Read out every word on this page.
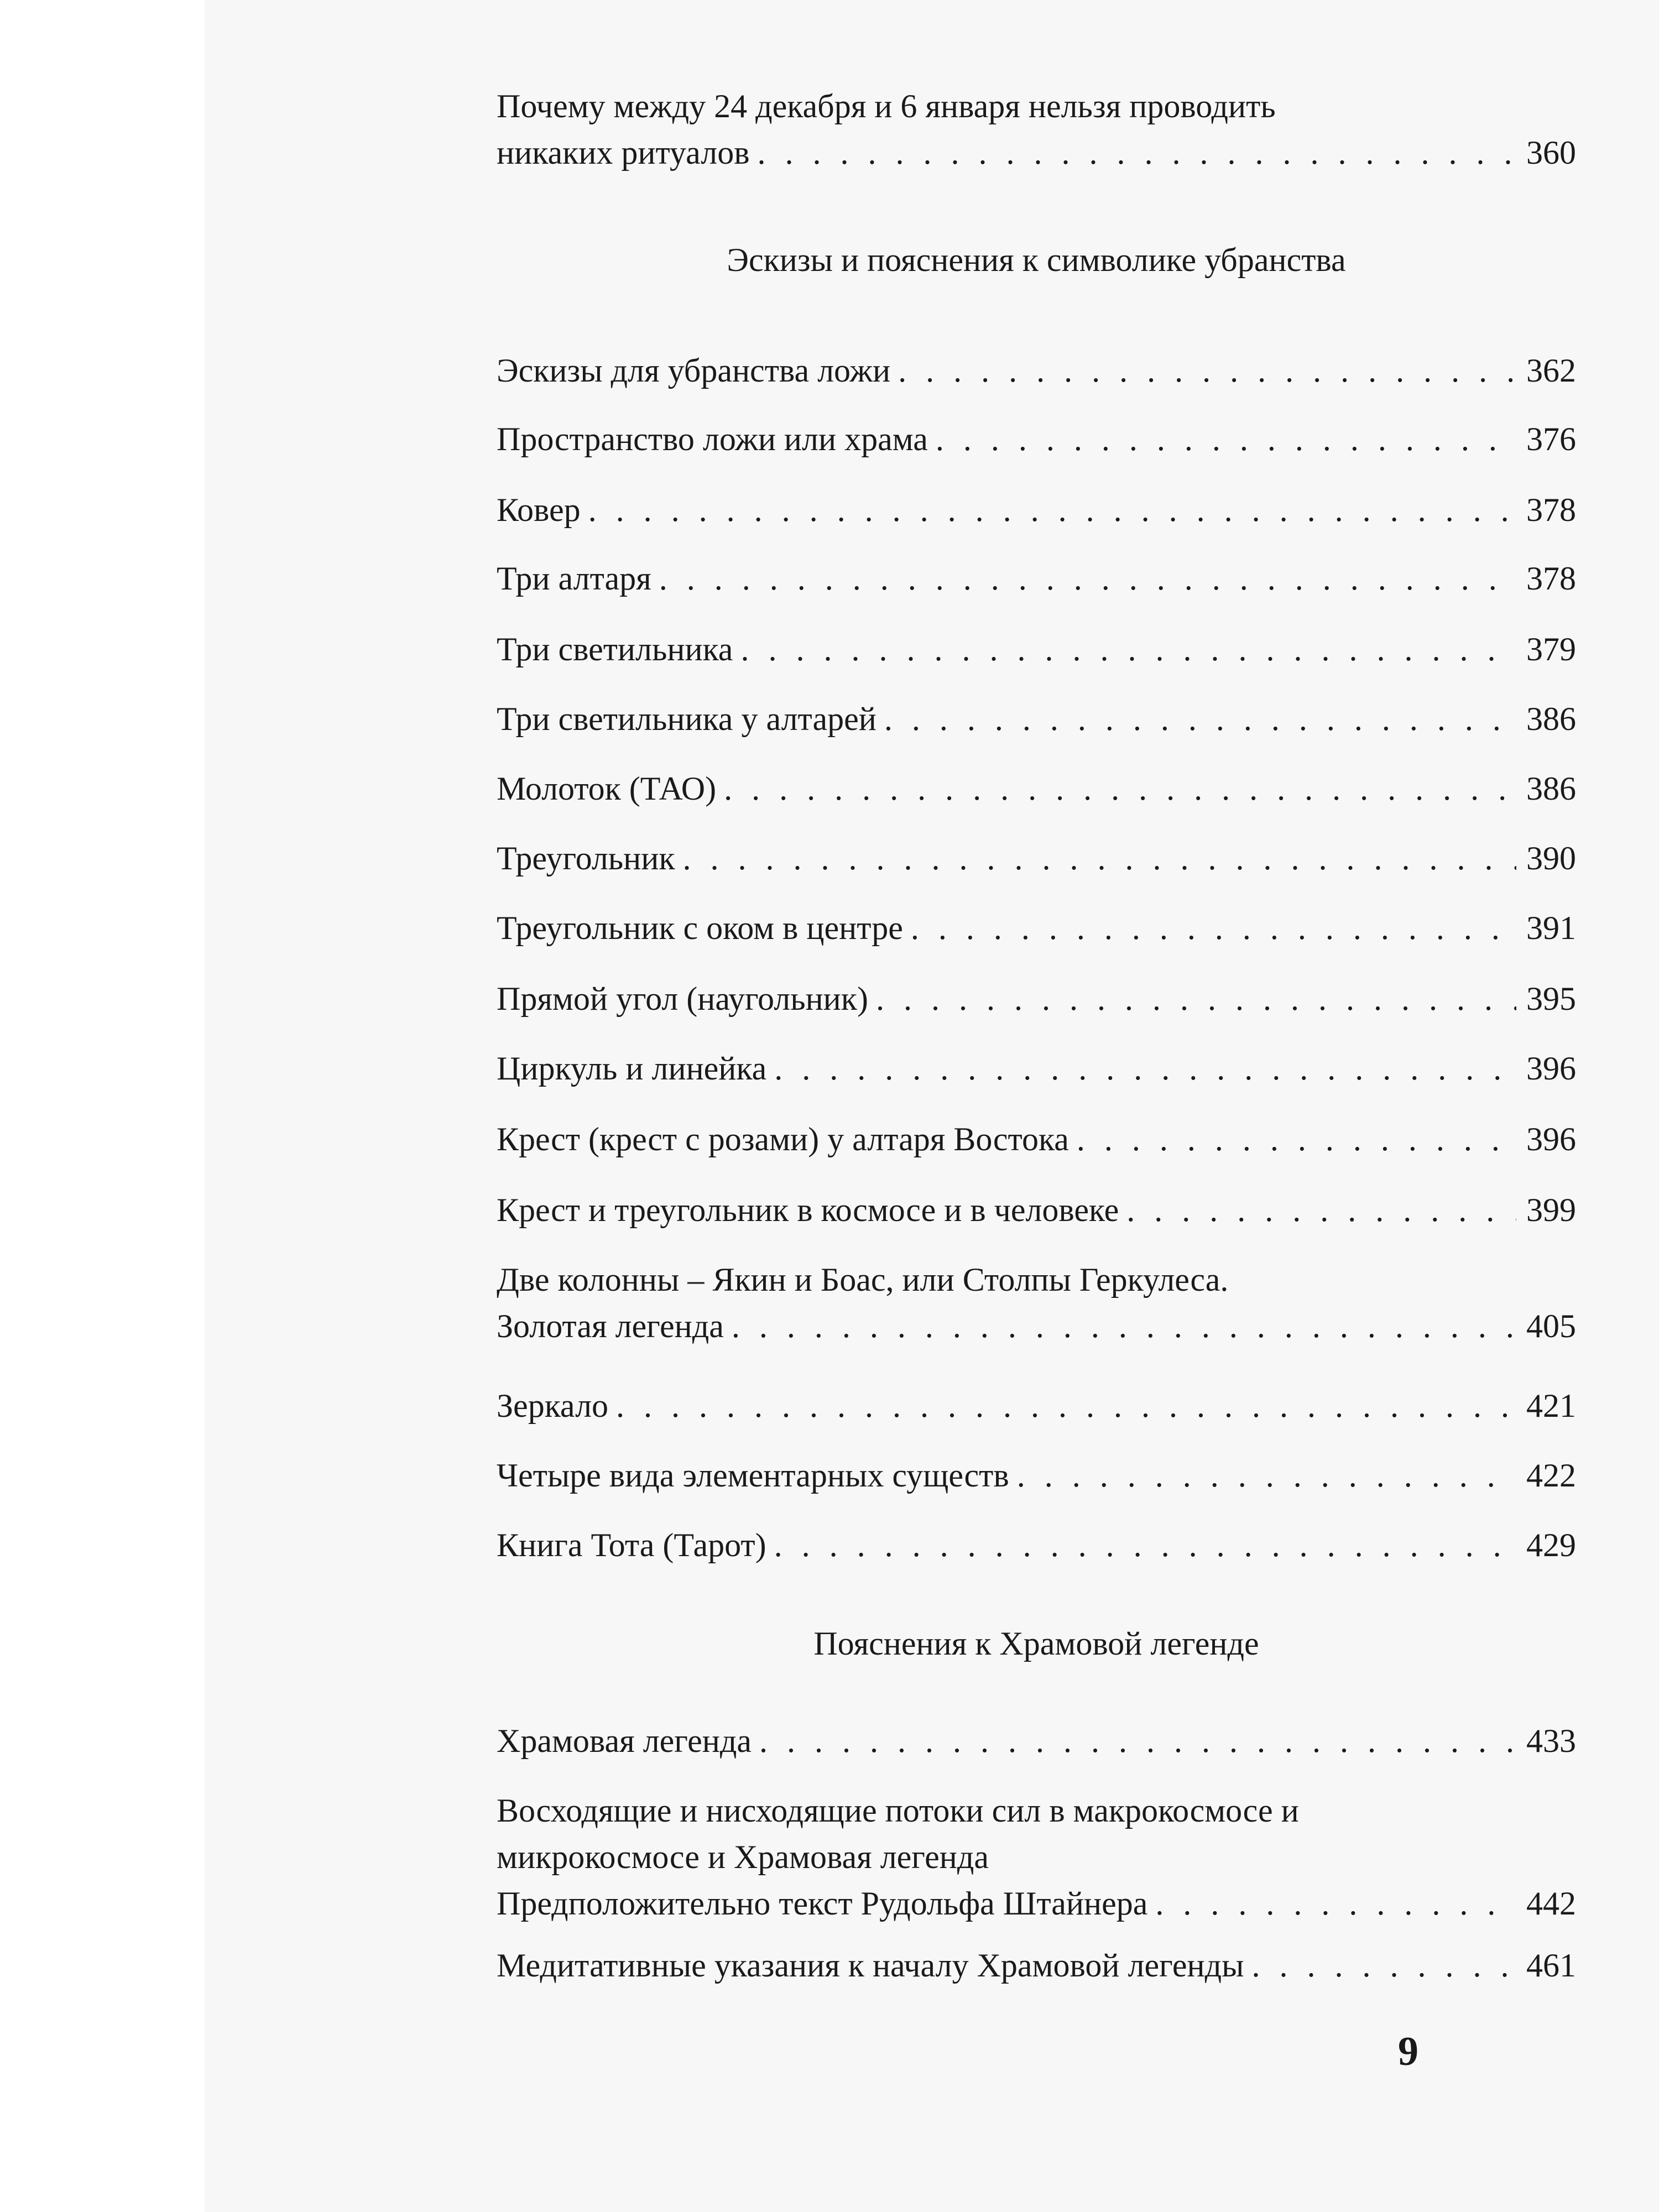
Почему между 24 декабря и 6 января нельзя проводить
никаких ритуалов . . .	360
Эскизы и пояснения к символике убранства
Эскизы для убранства ложи . . .	362
Пространство ложи или храма . . .	376
Ковер . . .	378
Три алтаря . . .	378
Три светильника . . .	379
Три светильника у алтарей . . .	386
Молоток (ТАО) . . .	386
Треугольник . . .	390
Треугольник с оком в центре . . .	391
Прямой угол (наугольник) . . .	395
Циркуль и линейка . . .	396
Крест (крест с розами) у алтаря Востока . . .	396
Крест и треугольник в космосе и в человеке . . .	399
Две колонны – Якин и Боас, или Столпы Геркулеса.
Золотая легенда . . .	405
Зеркало . . .	421
Четыре вида элементарных существ . . .	422
Книга Тота (Тарот) . . .	429
Пояснения к Храмовой легенде
Храмовая легенда . . .	433
Восходящие и нисходящие потоки сил в макрокосмосе и
микрокосмосе и Храмовая легенда
Предположительно текст Рудольфа Штайнера . . .	442
Медитативные указания к началу Храмовой легенды . . .	461
9
